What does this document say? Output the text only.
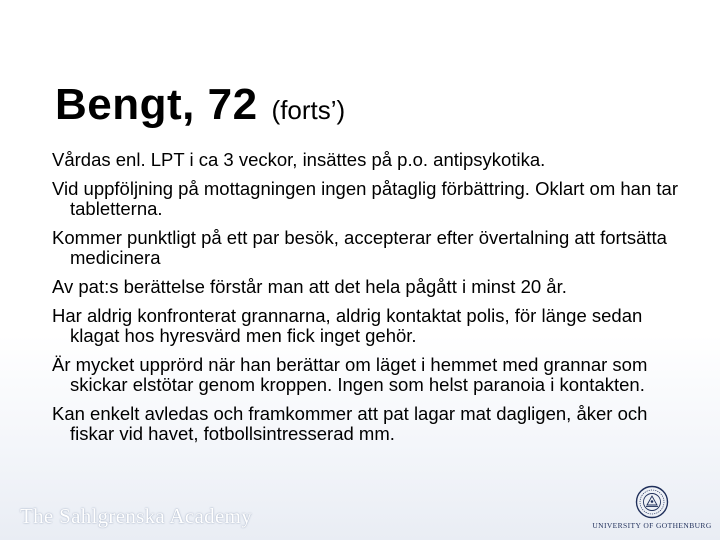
Bengt, 72 (forts’)
Vårdas enl. LPT i ca 3 veckor, insättes på p.o. antipsykotika.
Vid uppföljning på mottagningen ingen påtaglig förbättring. Oklart om han tar tabletterna.
Kommer punktligt på ett par besök, accepterar efter övertalning att fortsätta medicinera
Av pat:s berättelse förstår man att det hela pågått i minst 20 år.
Har aldrig konfronterat grannarna, aldrig kontaktat polis, för länge sedan klagat hos hyresvärd men fick inget gehör.
Är mycket upprörd när han berättar om läget i hemmet med grannar som skickar elstötar genom kroppen. Ingen som helst paranoia i kontakten.
Kan enkelt avledas och framkommer att pat lagar mat dagligen, åker och fiskar vid havet, fotbollsintresserad mm.
The Sahlgrenska Academy	UNIVERSITY OF GOTHENBURG
